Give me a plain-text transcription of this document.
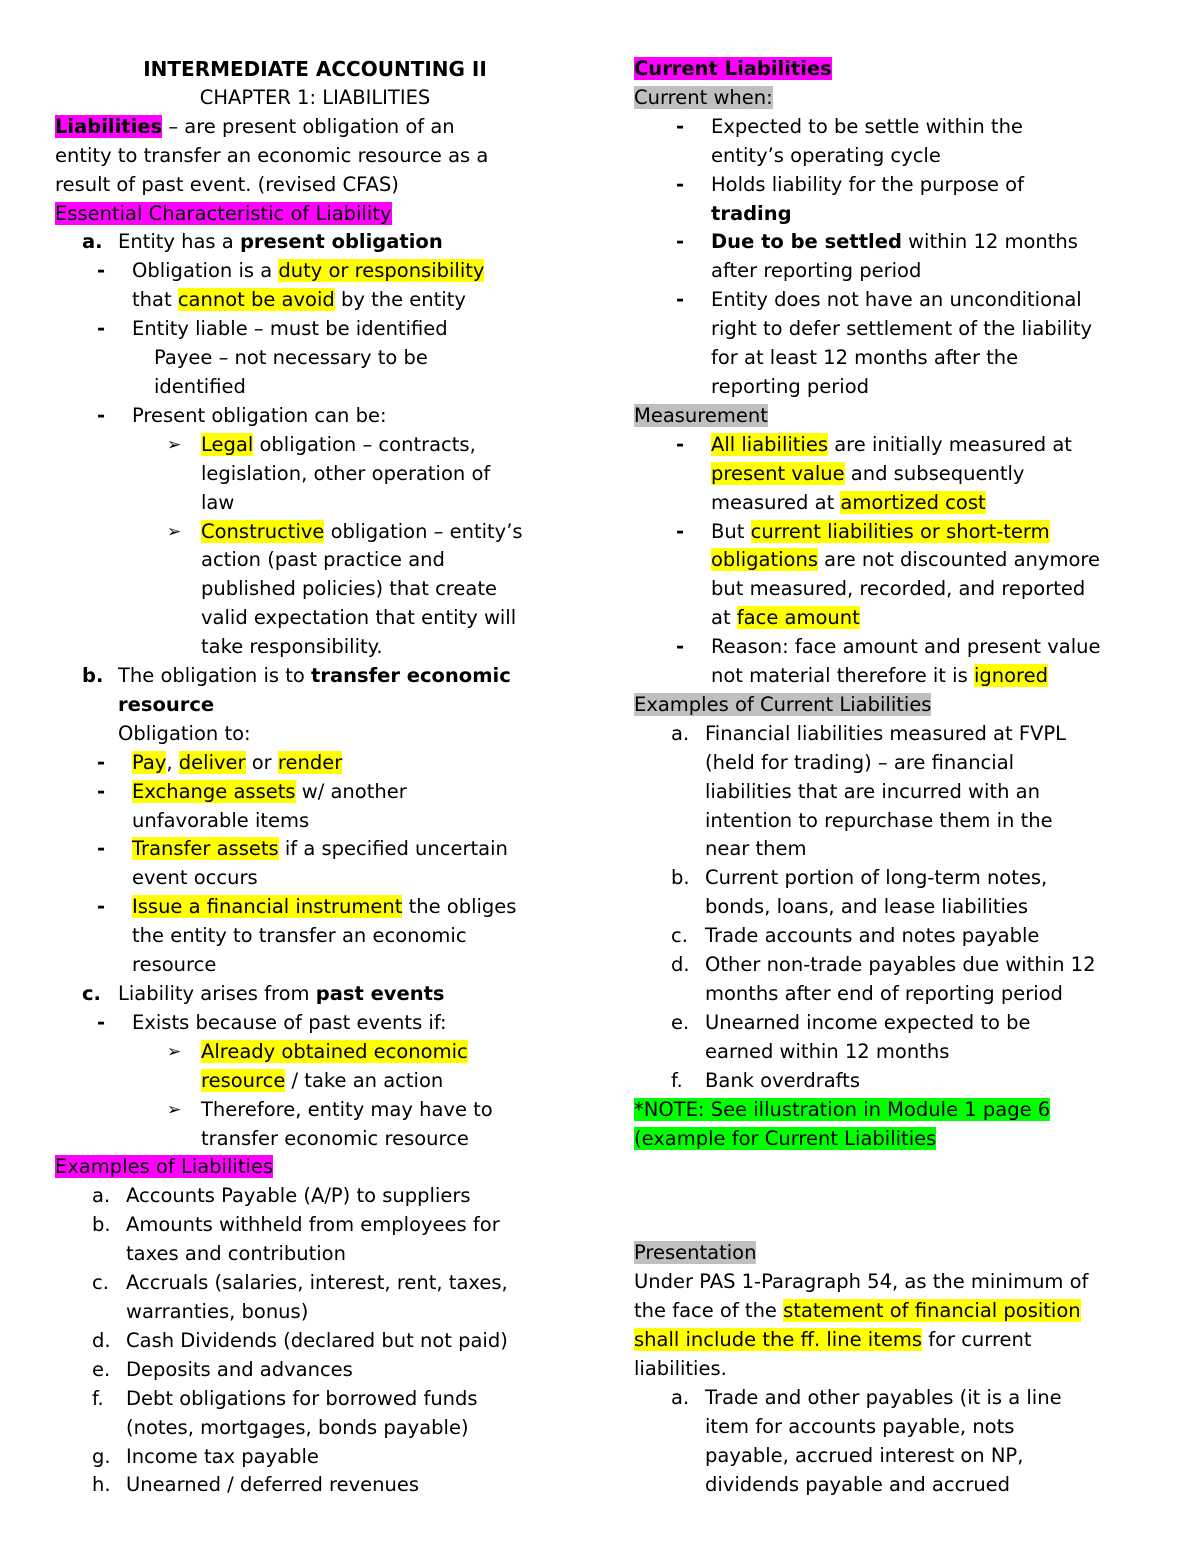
INTERMEDIATE ACCOUNTING II
CHAPTER 1: LIABILITIES
Liabilities – are present obligation of an
entity to transfer an economic resource as a
result of past event. (revised CFAS)
Essential Characteristic of Liability
a. Entity has a present obligation
-	Obligation is a duty or responsibility
that cannot be avoid by the entity
-	Entity liable – must be identified
Payee – not necessary to be
identified
-	Present obligation can be:
➢	Legal obligation – contracts,
legislation, other operation of
law
➢	Constructive obligation – entity’s
action (past practice and
published policies) that create
valid expectation that entity will
take responsibility.
b. The obligation is to transfer economic
resource
Obligation to:
-	Pay, deliver or render
-	Exchange assets w/ another
unfavorable items
-	Transfer assets if a specified uncertain
event occurs
-	Issue a financial instrument the obliges
the entity to transfer an economic
resource
c. Liability arises from past events
-	Exists because of past events if:
➢	Already obtained economic
resource / take an action
➢	Therefore, entity may have to
transfer economic resource
Examples of Liabilities
a. Accounts Payable (A/P) to suppliers
b. Amounts withheld from employees for
taxes and contribution
c. Accruals (salaries, interest, rent, taxes,
warranties, bonus)
d. Cash Dividends (declared but not paid)
e. Deposits and advances
f.	Debt obligations for borrowed funds
(notes, mortgages, bonds payable)
g. Income tax payable
h. Unearned / deferred revenues
Current Liabilities
Current when:
-	Expected to be settle within the
entity’s operating cycle
-	Holds liability for the purpose of
trading
-	Due to be settled within 12 months
after reporting period
-	Entity does not have an unconditional
right to defer settlement of the liability
for at least 12 months after the
reporting period
Measurement
-	All liabilities are initially measured at
present value and subsequently
measured at amortized cost
-	But current liabilities or short-term
obligations are not discounted anymore
but measured, recorded, and reported
at face amount
-	Reason: face amount and present value
not material therefore it is ignored
Examples of Current Liabilities
a. Financial liabilities measured at FVPL
(held for trading) – are financial
liabilities that are incurred with an
intention to repurchase them in the
near them
b. Current portion of long-term notes,
bonds, loans, and lease liabilities
c. Trade accounts and notes payable
d. Other non-trade payables due within 12
months after end of reporting period
e. Unearned income expected to be
earned within 12 months
f.	Bank overdrafts
*NOTE: See illustration in Module 1 page 6
(example for Current Liabilities
Presentation
Under PAS 1-Paragraph 54, as the minimum of
the face of the statement of financial position
shall include the ff. line items for current
liabilities.
a. Trade and other payables (it is a line
item for accounts payable, nots
payable, accrued interest on NP,
dividends payable and accrued
